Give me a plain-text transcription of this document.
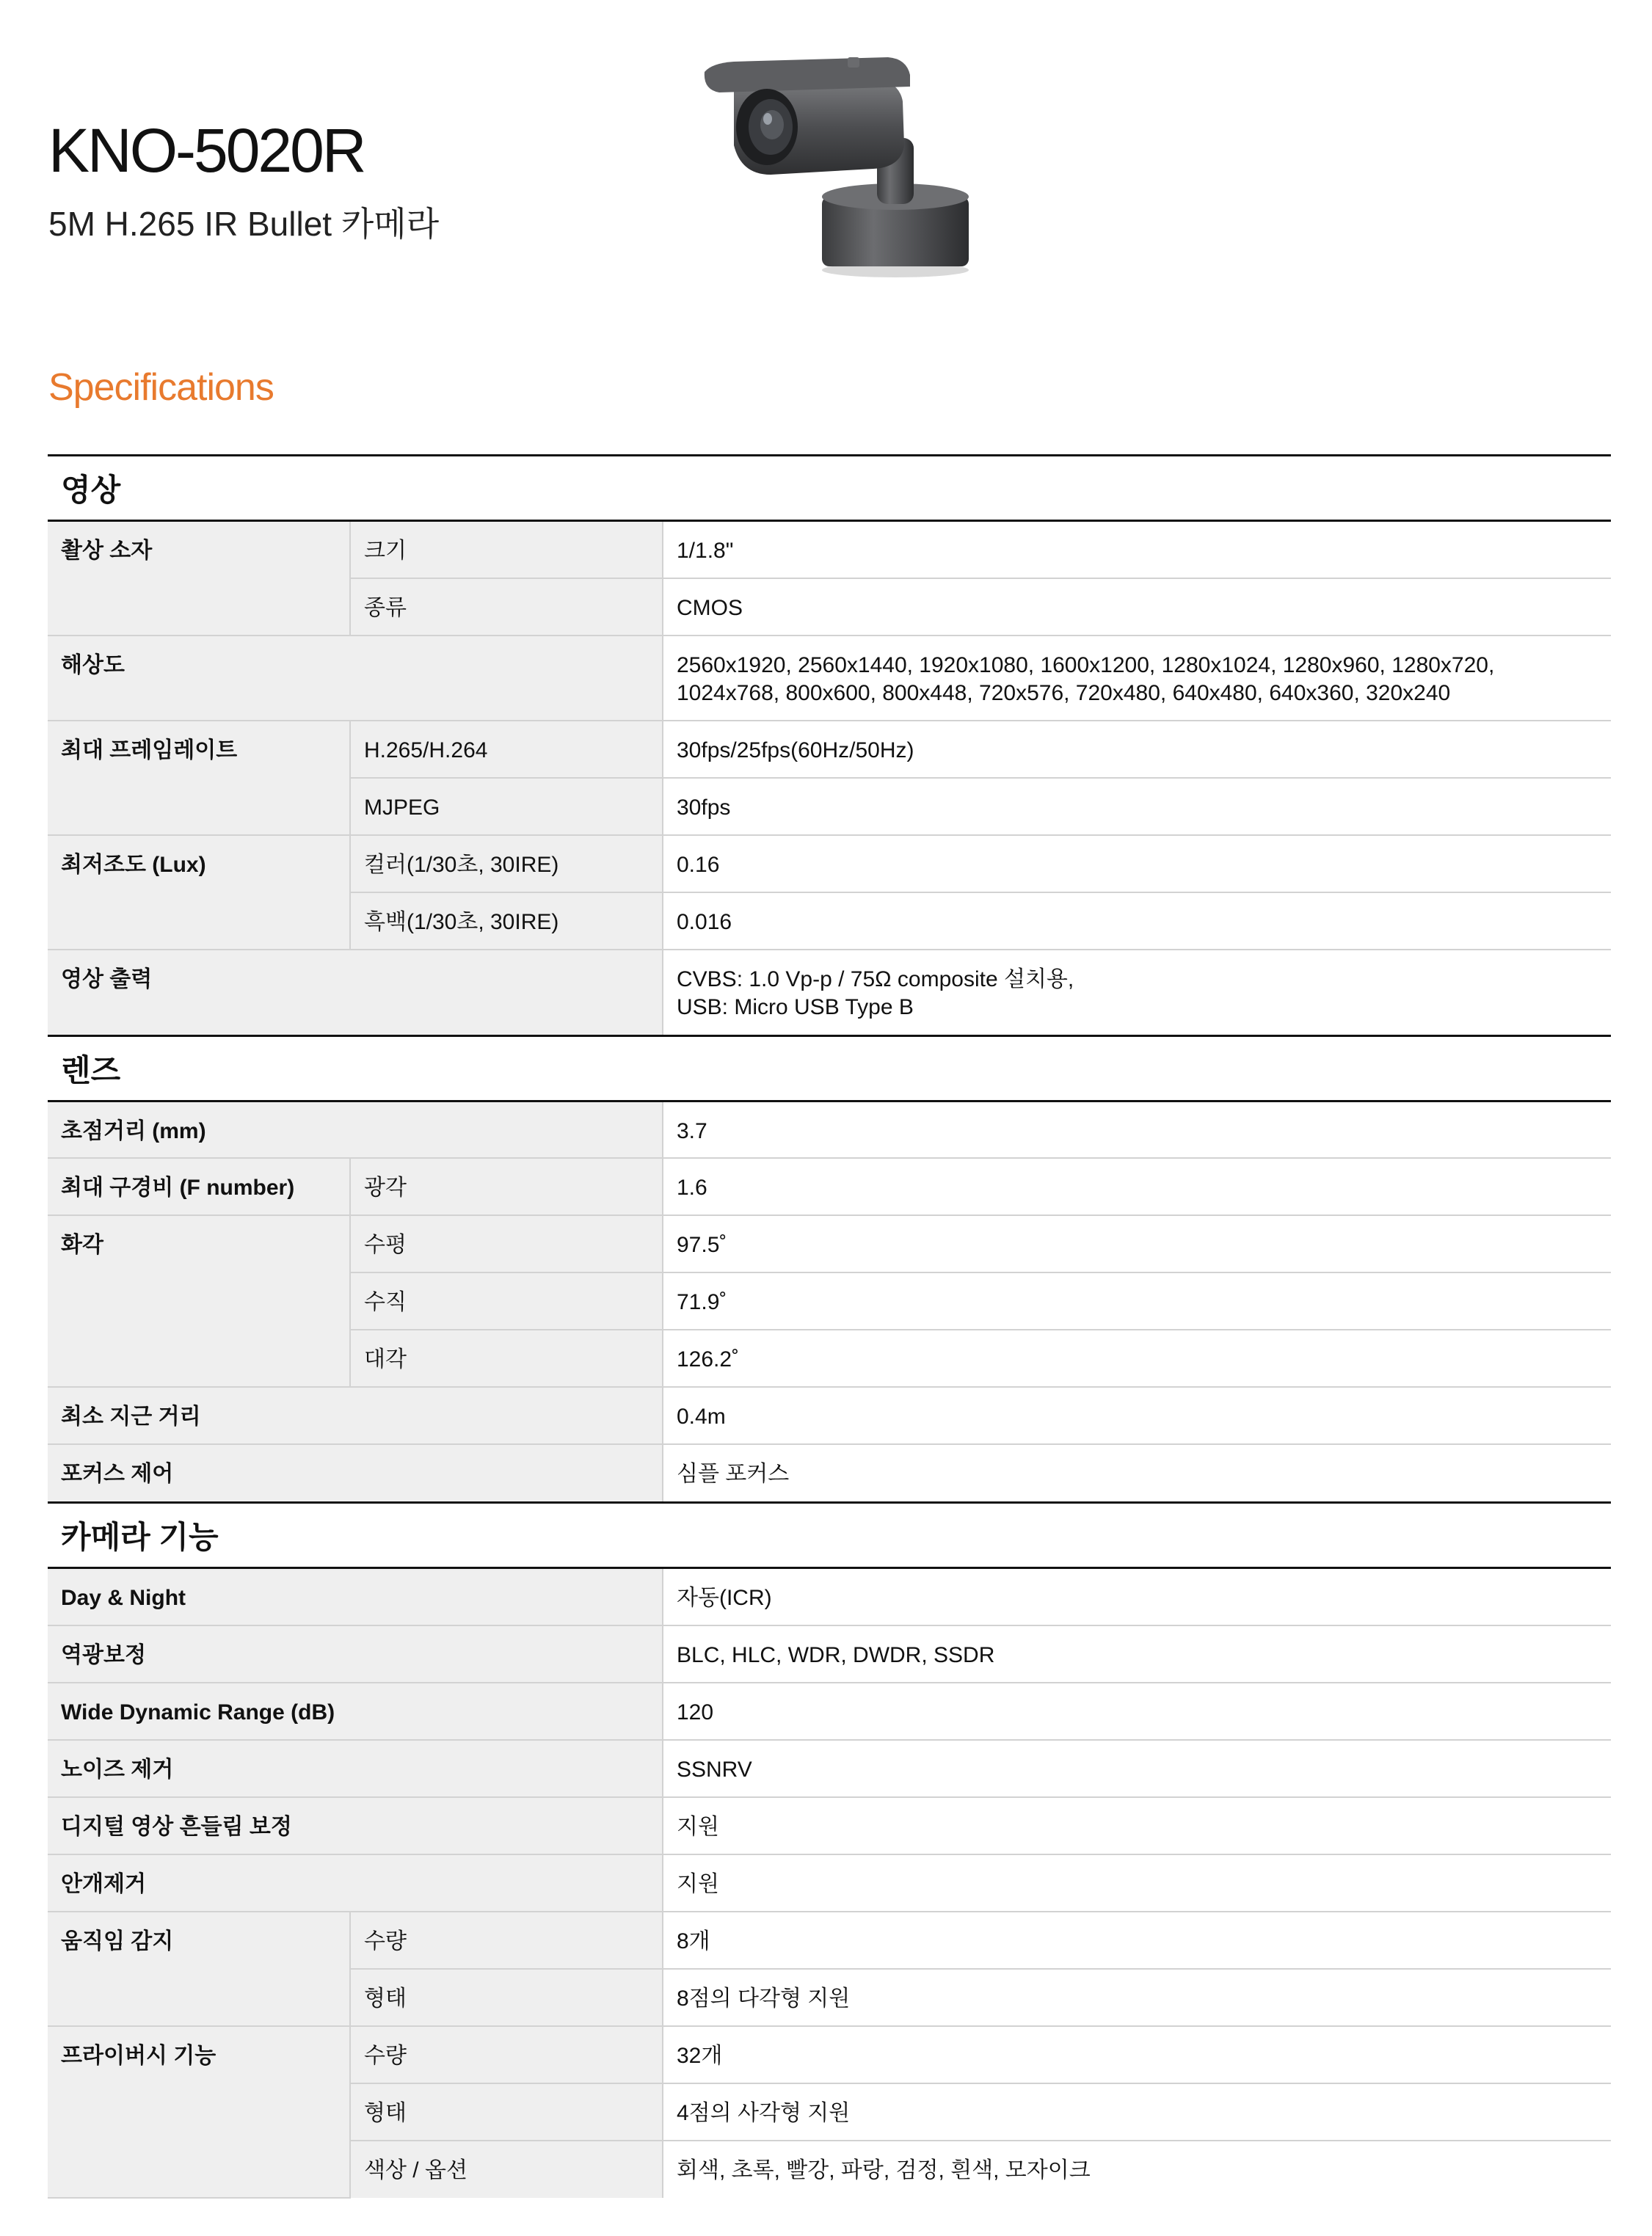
KNO-5020R
5M H.265 IR Bullet 카메라
Specifications
영상		
촬상 소자	크기	1/1.8"
	종류	CMOS
해상도		2560x1920, 2560x1440, 1920x1080, 1600x1200, 1280x1024, 1280x960, 1280x720,
1024x768, 800x600, 800x448, 720x576, 720x480, 640x480, 640x360, 320x240
최대 프레임레이트	H.265/H.264	30fps/25fps(60Hz/50Hz)
	MJPEG	30fps
최저조도 (Lux)	컬러(1/30초, 30IRE)	0.16
	흑백(1/30초, 30IRE)	0.016
영상 출력		CVBS: 1.0 Vp-p / 75Ω composite 설치용,
USB: Micro USB Type B
렌즈		
초점거리 (mm)		3.7
최대 구경비 (F number)	광각	1.6
화각	수평	97.5˚
	수직	71.9˚
	대각	126.2˚
최소 지근 거리		0.4m
포커스 제어		심플 포커스
카메라 기능		
Day & Night		자동(ICR)
역광보정		BLC, HLC, WDR, DWDR, SSDR
Wide Dynamic Range (dB)		120
노이즈 제거		SSNRV
디지털 영상 흔들림 보정		지원
안개제거		지원
움직임 감지	수량	8개
	형태	8점의 다각형 지원
프라이버시 기능	수량	32개
	형태	4점의 사각형 지원
	색상 / 옵션	회색, 초록, 빨강, 파랑, 검정, 흰색, 모자이크
